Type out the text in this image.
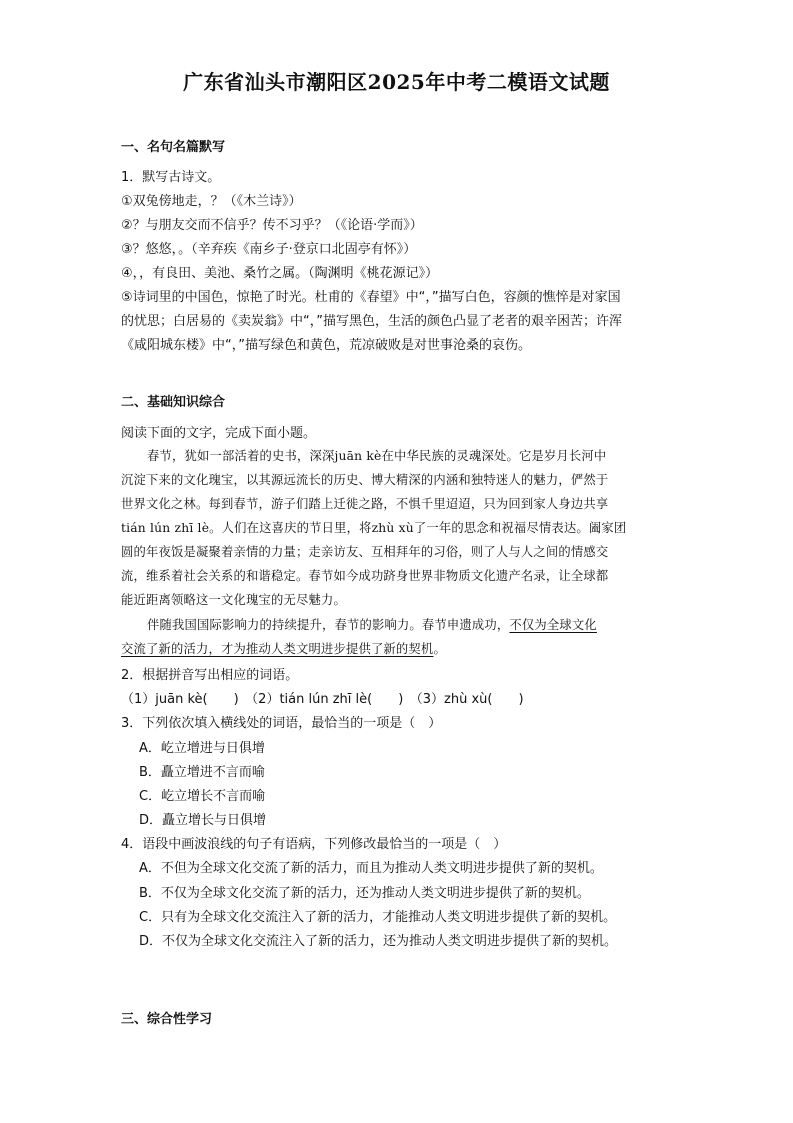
广东省汕头市潮阳区2025年中考二模语文试题
一、名句名篇默写
1．默写古诗文。
①双兔傍地走，？（《木兰诗》）
②？与朋友交而不信乎？传不习乎？（《论语·学而》）
③？悠悠，。（辛弃疾《南乡子·登京口北固亭有怀》）
④，，有良田、美池、桑竹之属。（陶渊明《桃花源记》）
⑤诗词里的中国色，惊艳了时光。杜甫的《春望》中“，”描写白色，容颜的憔悴是对家国
的忧思；白居易的《卖炭翁》中“，”描写黑色，生活的颜色凸显了老者的艰辛困苦；许浑
《咸阳城东楼》中“，”描写绿色和黄色，荒凉破败是对世事沧桑的哀伤。
二、基础知识综合
阅读下面的文字，完成下面小题。
春节，犹如一部活着的史书，深深juān kè在中华民族的灵魂深处。它是岁月长河中
沉淀下来的文化瑰宝，以其源远流长的历史、博大精深的内涵和独特迷人的魅力，俨然于
世界文化之林。每到春节，游子们踏上迁徙之路，不惧千里迢迢，只为回到家人身边共享
tián lún zhī lè。人们在这喜庆的节日里，将zhù xù了一年的思念和祝福尽情表达。阖家团
圆的年夜饭是凝聚着亲情的力量；走亲访友、互相拜年的习俗，则了人与人之间的情感交
流，维系着社会关系的和谐稳定。春节如今成功跻身世界非物质文化遗产名录，让全球都
能近距离领略这一文化瑰宝的无尽魅力。
伴随我国国际影响力的持续提升，春节的影响力。春节申遗成功，不仅为全球文化
交流了新的活力，才为推动人类文明进步提供了新的契机。
2．根据拼音写出相应的词语。
（1）juān kè(　　)　（2）tián lún zhī lè(　　)　（3）zhù xù(　　)
3．下列依次填入横线处的词语，最恰当的一项是（　）
A．屹立增进与日俱增
B．矗立增进不言而喻
C．屹立增长不言而喻
D．矗立增长与日俱增
4．语段中画波浪线的句子有语病，下列修改最恰当的一项是（　）
A．不但为全球文化交流了新的活力，而且为推动人类文明进步提供了新的契机。
B．不仅为全球文化交流了新的活力，还为推动人类文明进步提供了新的契机。
C．只有为全球文化交流注入了新的活力，才能推动人类文明进步提供了新的契机。
D．不仅为全球文化交流注入了新的活力，还为推动人类文明进步提供了新的契机。
三、综合性学习
